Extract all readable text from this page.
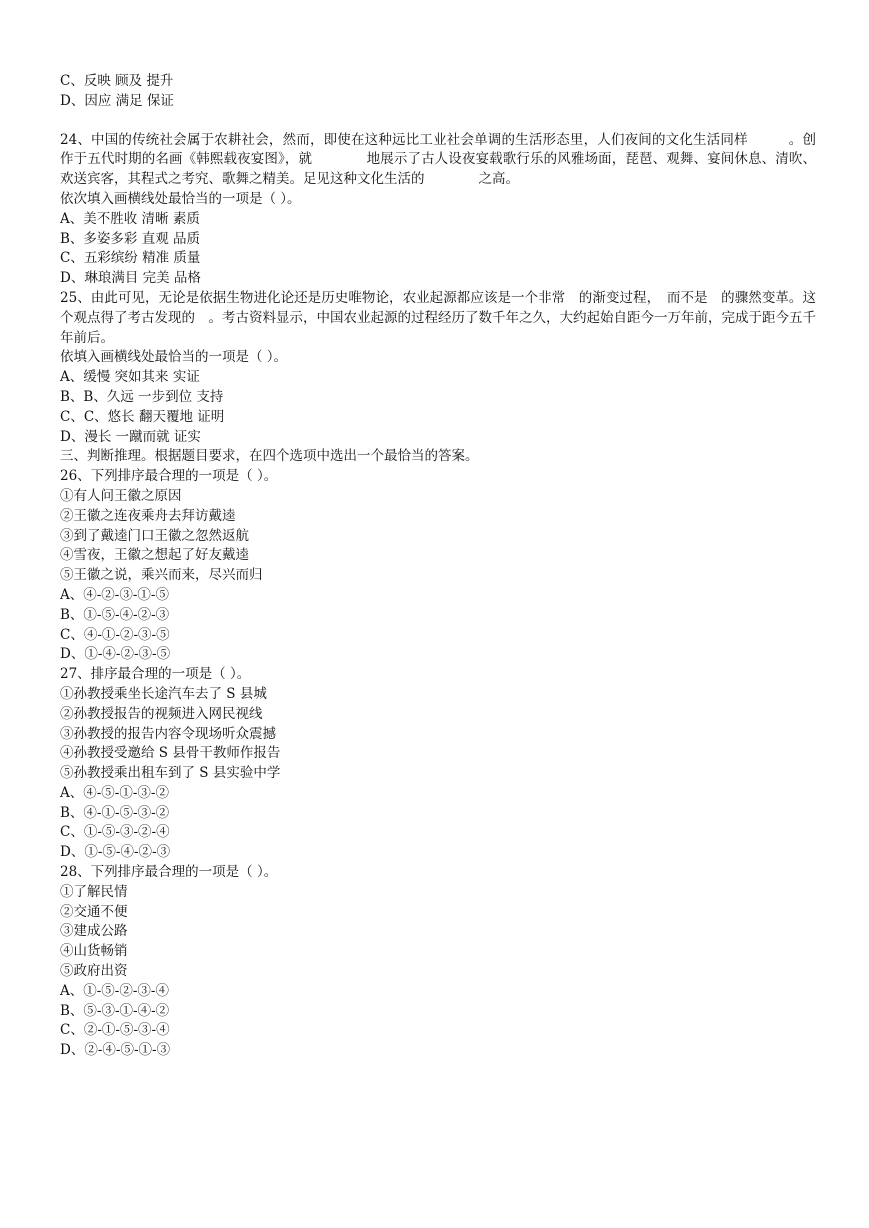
C、反映 顾及 提升
D、因应 满足 保证
24、中国的传统社会属于农耕社会，然而，即使在这种远比工业社会单调的生活形态里，人们夜间的文化生活同样　　　。创作于五代时期的名画《韩熙载夜宴图》，就　　　　地展示了古人设夜宴载歌行乐的风雅场面，琵琶、观舞、宴间休息、清吹、欢送宾客，其程式之考究、歌舞之精美。足见这种文化生活的　　　　之高。
依次填入画横线处最恰当的一项是（ ）。
A、美不胜收 清晰 素质
B、多姿多彩 直观 品质
C、五彩缤纷 精准 质量
D、琳琅满目 完美 品格
25、由此可见，无论是依据生物进化论还是历史唯物论，农业起源都应该是一个非常　的渐变过程，　而不是　的骤然变革。这个观点得了考古发现的　。考古资料显示，中国农业起源的过程经历了数千年之久，大约起始自距今一万年前，完成于距今五千年前后。
依填入画横线处最恰当的一项是（ ）。
A、缓慢 突如其来 实证
B、B、久远 一步到位 支持
C、C、悠长 翻天覆地 证明
D、漫长 一蹴而就 证实
三、判断推理。根据题目要求，在四个选项中选出一个最恰当的答案。
26、下列排序最合理的一项是（ ）。
①有人问王徽之原因
②王徽之连夜乘舟去拜访戴逵
③到了戴逵门口王徽之忽然返航
④雪夜，王徽之想起了好友戴逵
⑤王徽之说，乘兴而来，尽兴而归
A、④-②-③-①-⑤
B、①-⑤-④-②-③
C、④-①-②-③-⑤
D、①-④-②-③-⑤
27、排序最合理的一项是（ ）。
①孙教授乘坐长途汽车去了 S 县城
②孙教授报告的视频进入网民视线
③孙教授的报告内容令现场听众震撼
④孙教授受邀给 S 县骨干教师作报告
⑤孙教授乘出租车到了 S 县实验中学
A、④-⑤-①-③-②
B、④-①-⑤-③-②
C、①-⑤-③-②-④
D、①-⑤-④-②-③
28、下列排序最合理的一项是（ ）。
①了解民情
②交通不便
③建成公路
④山货畅销
⑤政府出资
A、①-⑤-②-③-④
B、⑤-③-①-④-②
C、②-①-⑤-③-④
D、②-④-⑤-①-③
